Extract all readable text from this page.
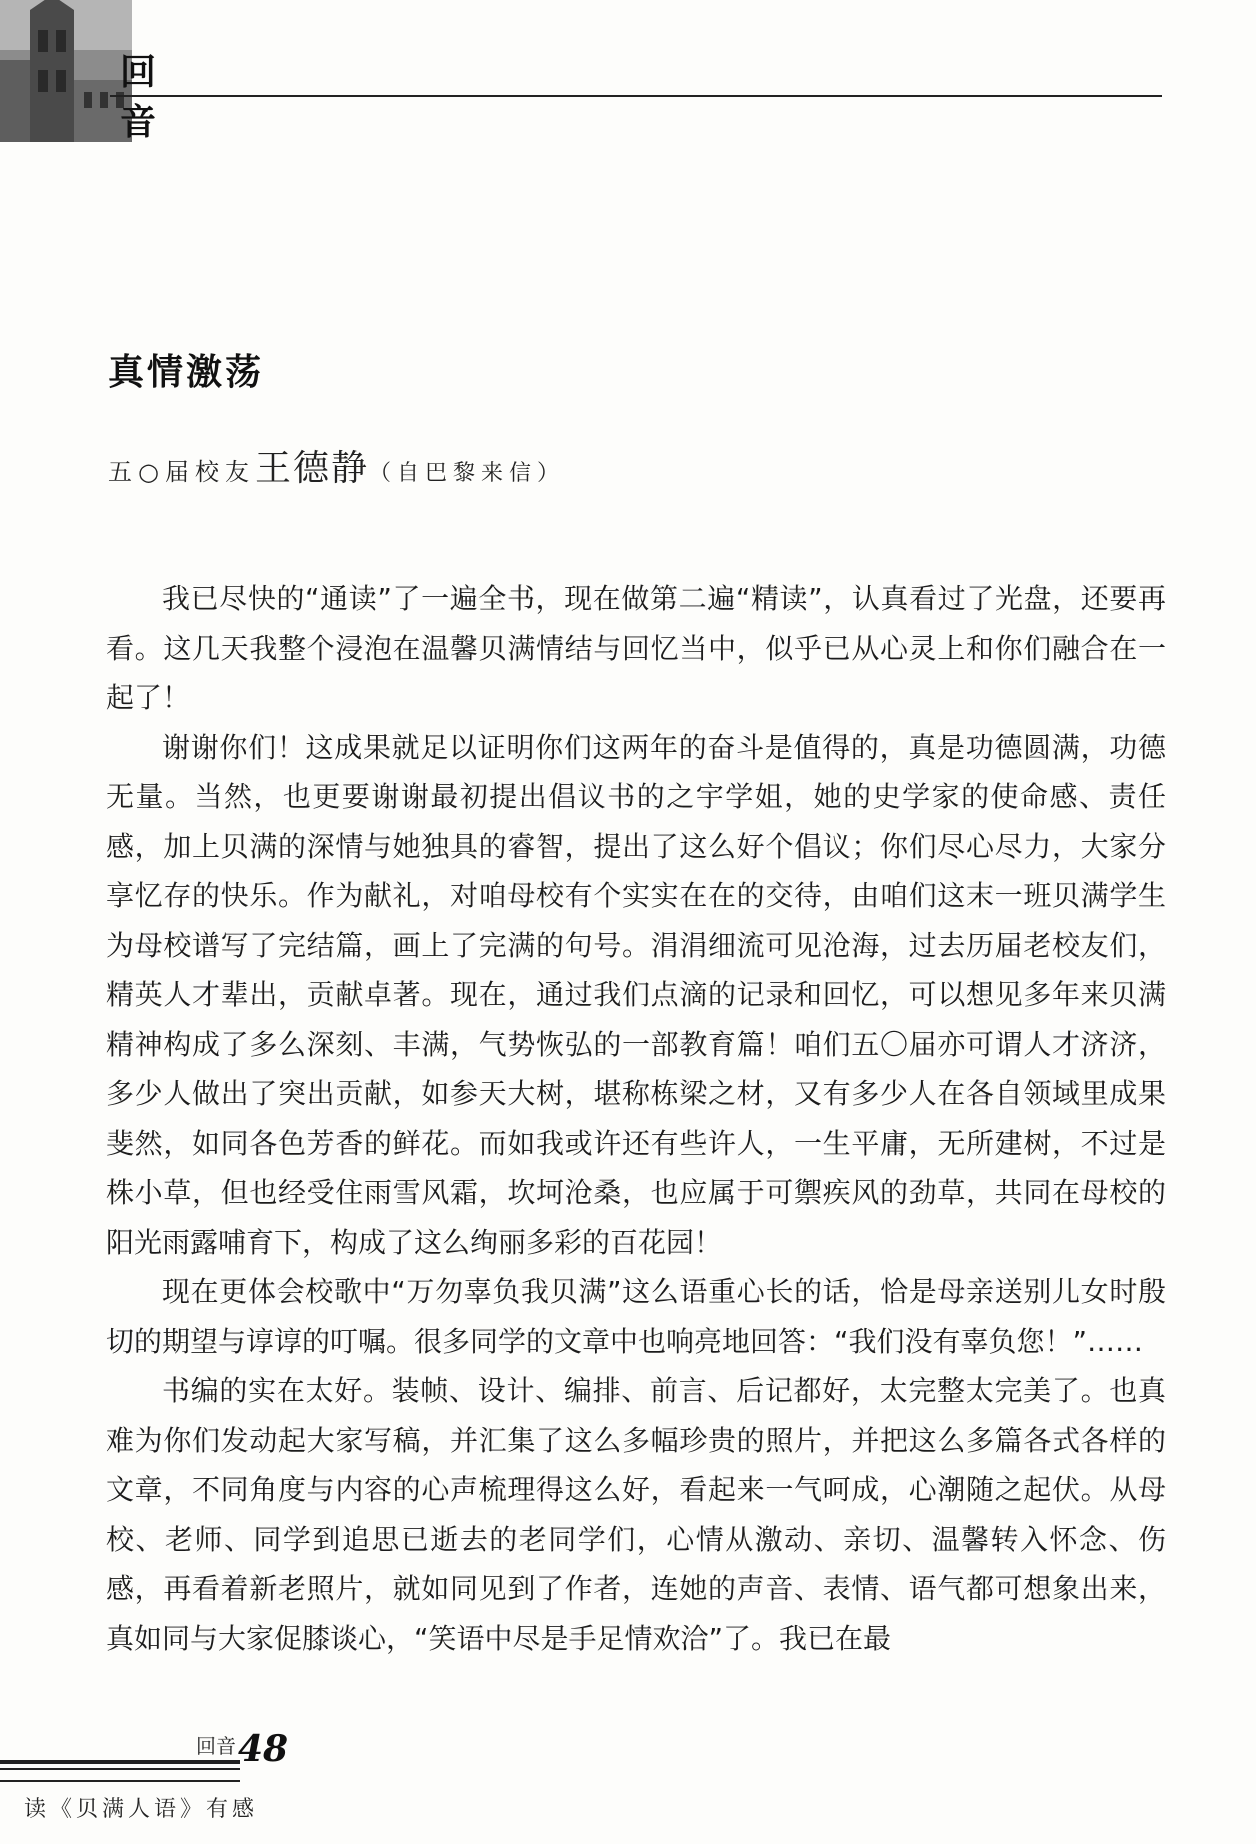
回
音
真情激荡
五○届校友王德静（自巴黎来信）

我已尽快的“通读”了一遍全书，现在做第二遍“精读”，认真看过了光盘，还要再看。这几天我整个浸泡在温馨贝满情结与回忆当中，似乎已从心灵上和你们融合在一起了！

谢谢你们！这成果就足以证明你们这两年的奋斗是值得的，真是功德圆满，功德无量。当然，也更要谢谢最初提出倡议书的之宇学姐，她的史学家的使命感、责任感，加上贝满的深情与她独具的睿智，提出了这么好个倡议；你们尽心尽力，大家分享忆存的快乐。作为献礼，对咱母校有个实实在在的交待，由咱们这末一班贝满学生为母校谱写了完结篇，画上了完满的句号。涓涓细流可见沧海，过去历届老校友们，精英人才辈出，贡献卓著。现在，通过我们点滴的记录和回忆，可以想见多年来贝满精神构成了多么深刻、丰满，气势恢弘的一部教育篇！咱们五〇届亦可谓人才济济，多少人做出了突出贡献，如参天大树，堪称栋梁之材，又有多少人在各自领域里成果斐然，如同各色芳香的鲜花。而如我或许还有些许人，一生平庸，无所建树，不过是株小草，但也经受住雨雪风霜，坎坷沧桑，也应属于可禦疾风的劲草，共同在母校的阳光雨露哺育下，构成了这么绚丽多彩的百花园！

现在更体会校歌中“万勿辜负我贝满”这么语重心长的话，恰是母亲送别儿女时殷切的期望与谆谆的叮嘱。很多同学的文章中也响亮地回答：“我们没有辜负您！”……

书编的实在太好。装帧、设计、编排、前言、后记都好，太完整太完美了。也真难为你们发动起大家写稿，并汇集了这么多幅珍贵的照片，并把这么多篇各式各样的文章，不同角度与内容的心声梳理得这么好，看起来一气呵成，心潮随之起伏。从母校、老师、同学到追思已逝去的老同学们，心情从激动、亲切、温馨转入怀念、伤感，再看着新老照片，就如同见到了作者，连她的声音、表情、语气都可想象出来，真如同与大家促膝谈心，“笑语中尽是手足情欢洽”了。我已在最

回音 48
读《贝满人语》有感
